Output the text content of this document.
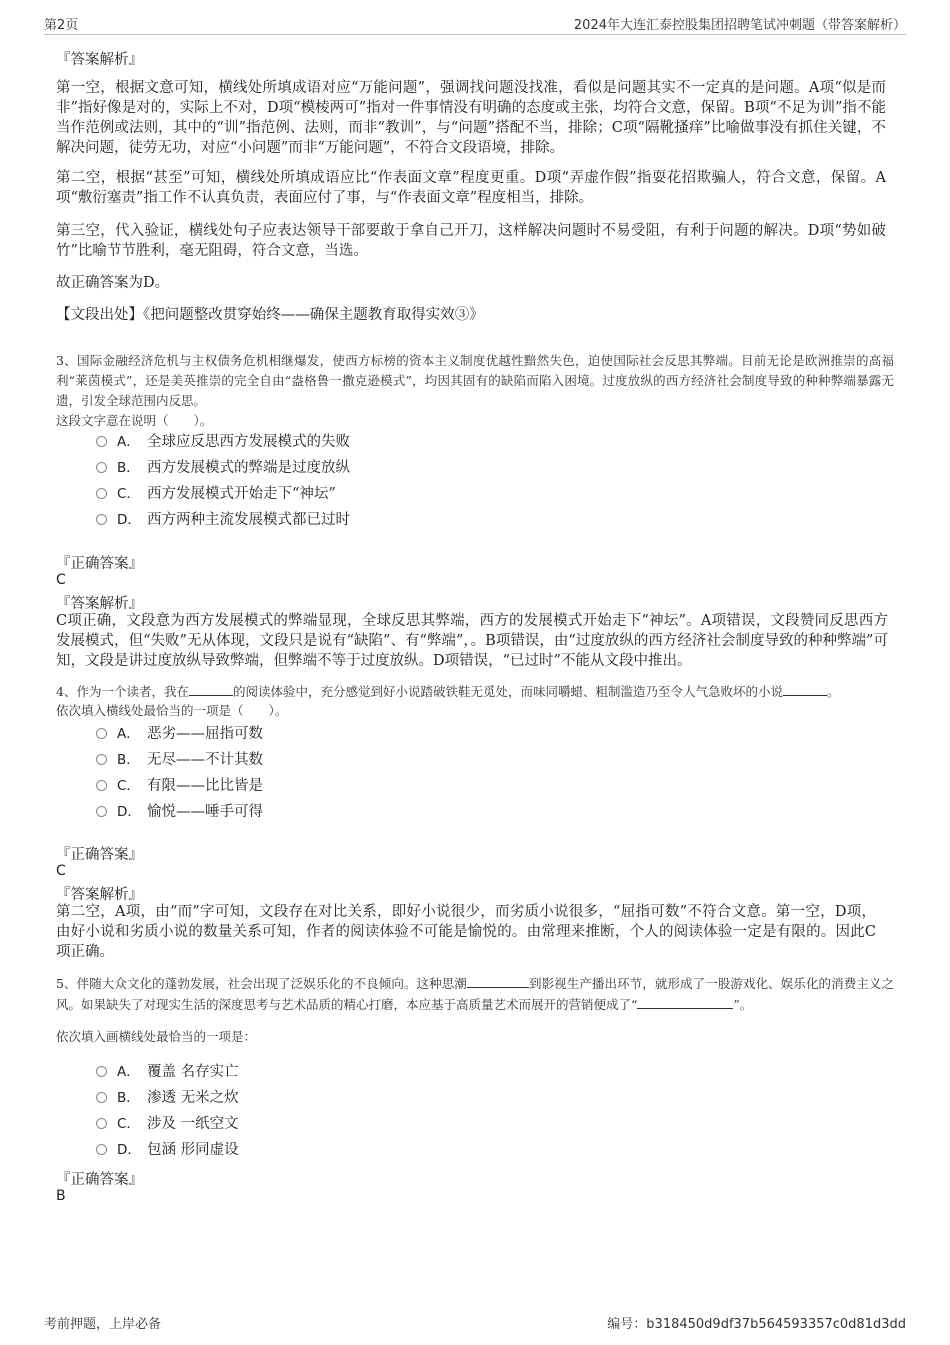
第2页	2024年大连汇泰控股集团招聘笔试冲刺题（带答案解析）
『答案解析』
第一空，根据文意可知，横线处所填成语对应“万能问题”，强调找问题没找准，看似是问题其实不一定真的是问题。A项“似是而非”指好像是对的，实际上不对，D项“模棱两可”指对一件事情没有明确的态度或主张，均符合文意，保留。B项“不足为训”指不能当作范例或法则，其中的“训”指范例、法则，而非“教训”，与“问题”搭配不当，排除；C项“隔靴搔痒”比喻做事没有抓住关键，不解决问题，徒劳无功，对应“小问题”而非“万能问题”，不符合文段语境，排除。
第二空，根据“甚至”可知，横线处所填成语应比“作表面文章”程度更重。D项“弄虚作假”指耍花招欺骗人，符合文意，保留。A项“敷衍塞责”指工作不认真负责，表面应付了事，与“作表面文章”程度相当，排除。
第三空，代入验证，横线处句子应表达领导干部要敢于拿自己开刀，这样解决问题时不易受阻，有利于问题的解决。D项“势如破竹”比喻节节胜利，毫无阻碍，符合文意，当选。
故正确答案为D。
【文段出处】《把问题整改贯穿始终——确保主题教育取得实效③》
3、国际金融经济危机与主权债务危机相继爆发，使西方标榜的资本主义制度优越性黯然失色，迫使国际社会反思其弊端。目前无论是欧洲推崇的高福利“莱茵模式”，还是美英推崇的完全自由“盎格鲁一撒克逊模式”，均因其固有的缺陷而陷入困境。过度放纵的西方经济社会制度导致的种种弊端暴露无遗，引发全球范围内反思。
这段文字意在说明（　　）。
A． 全球应反思西方发展模式的失败
B． 西方发展模式的弊端是过度放纵
C． 西方发展模式开始走下“神坛”
D． 西方两种主流发展模式都已过时
『正确答案』
C
『答案解析』
C项正确，文段意为西方发展模式的弊端显现，全球反思其弊端，西方的发展模式开始走下“神坛”。A项错误，文段赞同反思西方发展模式，但“失败”无从体现，文段只是说有“缺陷”、有“弊端”，。B项错误，由“过度放纵的西方经济社会制度导致的种种弊端”可知，文段是讲过度放纵导致弊端，但弊端不等于过度放纵。D项错误，“已过时”不能从文段中推出。
4、作为一个读者，我在	的阅读体验中，充分感觉到好小说踏破铁鞋无觅处，而味同嚼蜡、粗制滥造乃至令人气急败坏的小说	。
依次填入横线处最恰当的一项是（　　）。
A． 恶劣——屈指可数
B． 无尽——不计其数
C． 有限——比比皆是
D． 愉悦——唾手可得
『正确答案』
C
『答案解析』
第二空，A项，由“而”字可知，文段存在对比关系，即好小说很少，而劣质小说很多，“屈指可数”不符合文意。第一空，D项，由好小说和劣质小说的数量关系可知，作者的阅读体验不可能是愉悦的。由常理来推断，个人的阅读体验一定是有限的。因此C项正确。
5、伴随大众文化的蓬勃发展，社会出现了泛娱乐化的不良倾向。这种思潮	到影视生产播出环节，就形成了一股游戏化、娱乐化的消费主义之风。如果缺失了对现实生活的深度思考与艺术品质的精心打磨，本应基于高质量艺术而展开的营销便成了“	”。
依次填入画横线处最恰当的一项是：
A． 覆盖 名存实亡
B． 渗透 无米之炊
C． 涉及 一纸空文
D． 包涵 形同虚设
『正确答案』
B
考前押题，上岸必备	编号：b318450d9df37b564593357c0d81d3dd
